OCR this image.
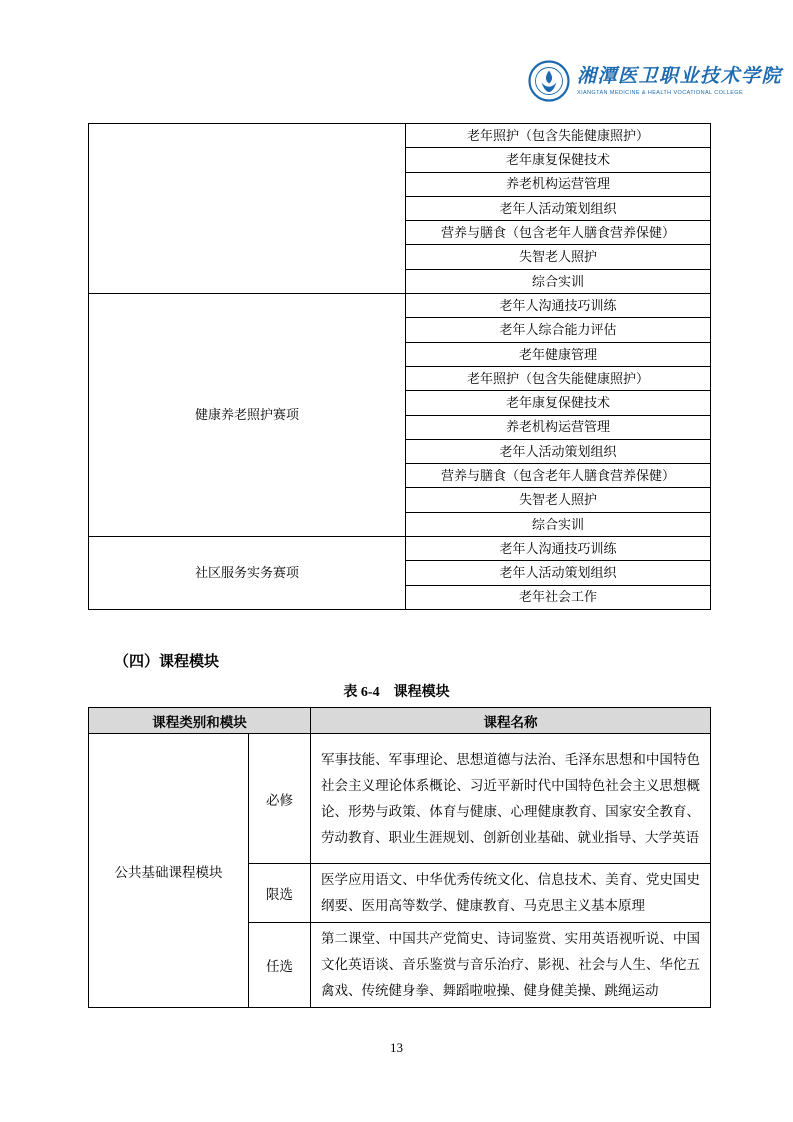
湘潭医卫职业技术学院
XIANGTAN MEDICINE & HEALTH VOCATIONAL COLLEGE
	老年照护（包含失能健康照护）
	老年康复保健技术
	养老机构运营管理
	老年人活动策划组织
	营养与膳食（包含老年人膳食营养保健）
	失智老人照护
	综合实训
健康养老照护赛项	老年人沟通技巧训练
	老年人综合能力评估
	老年健康管理
	老年照护（包含失能健康照护）
	老年康复保健技术
	养老机构运营管理
	老年人活动策划组织
	营养与膳食（包含老年人膳食营养保健）
	失智老人照护
	综合实训
社区服务实务赛项	老年人沟通技巧训练
	老年人活动策划组织
	老年社会工作
（四）课程模块
表 6-4　课程模块
课程类别和模块		课程名称
公共基础课程模块	必修	军事技能、军事理论、思想道德与法治、毛泽东思想和中国特色社会主义理论体系概论、习近平新时代中国特色社会主义思想概论、形势与政策、体育与健康、心理健康教育、国家安全教育、劳动教育、职业生涯规划、创新创业基础、就业指导、大学英语
	限选	医学应用语文、中华优秀传统文化、信息技术、美育、党史国史纲要、医用高等数学、健康教育、马克思主义基本原理
	任选	第二课堂、中国共产党简史、诗词鉴赏、实用英语视听说、中国文化英语谈、音乐鉴赏与音乐治疗、影视、社会与人生、华佗五禽戏、传统健身拳、舞蹈啦啦操、健身健美操、跳绳运动
13
